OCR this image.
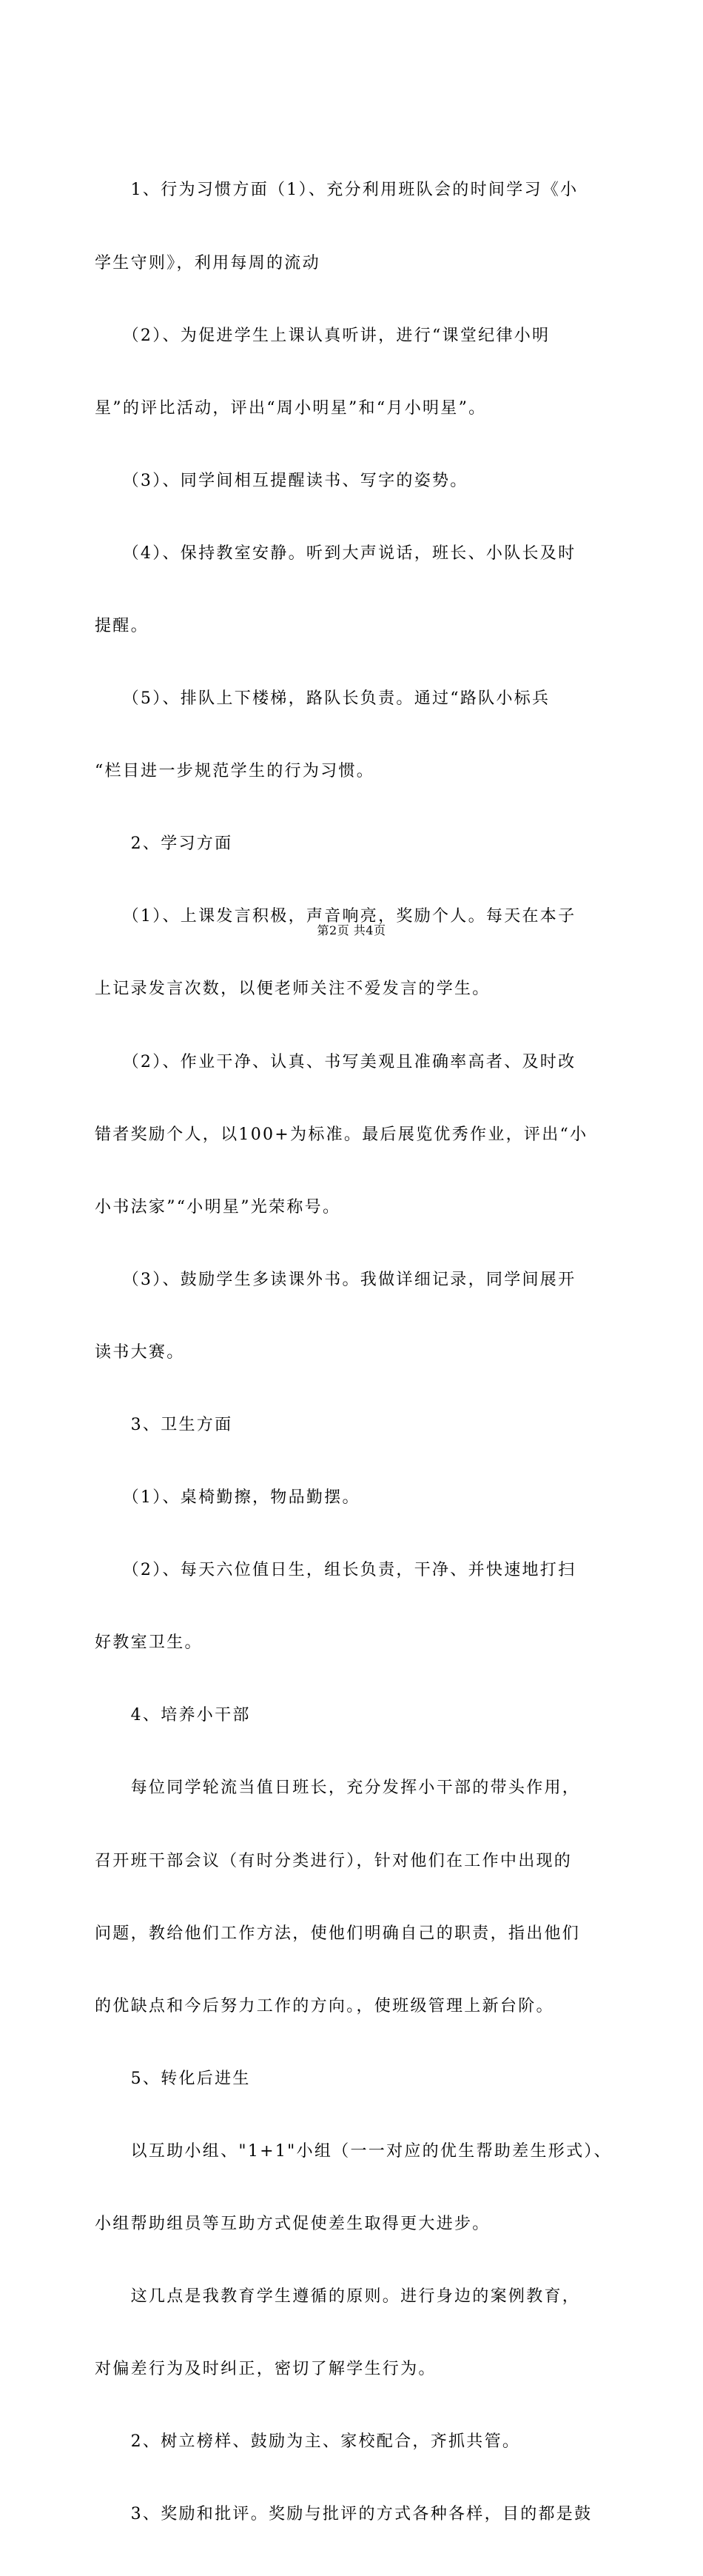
　　1、行为习惯方面（1）、充分利用班队会的时间学习《小

学生守则》，利用每周的流动

　　（2）、为促进学生上课认真听讲，进行“课堂纪律小明

星”的评比活动，评出“周小明星”和“月小明星”。

　　（3）、同学间相互提醒读书、写字的姿势。

　　（4）、保持教室安静。听到大声说话，班长、小队长及时

提醒。

　　（5）、排队上下楼梯，路队长负责。通过“路队小标兵

“栏目进一步规范学生的行为习惯。

　　2、学习方面

　　（1）、上课发言积极，声音响亮，奖励个人。每天在本子

上记录发言次数，以便老师关注不爱发言的学生。

　　（2）、作业干净、认真、书写美观且准确率高者、及时改

错者奖励个人，以100+为标准。最后展览优秀作业，评出“小

小书法家”“小明星”光荣称号。

　　（3）、鼓励学生多读课外书。我做详细记录，同学间展开

读书大赛。

　　3、卫生方面

　　（1）、桌椅勤擦，物品勤摆。

　　（2）、每天六位值日生，组长负责，干净、并快速地打扫

好教室卫生。

　　4、培养小干部

　　每位同学轮流当值日班长，充分发挥小干部的带头作用，

召开班干部会议（有时分类进行），针对他们在工作中出现的

问题，教给他们工作方法，使他们明确自己的职责，指出他们

的优缺点和今后努力工作的方向。，使班级管理上新台阶。

　　5、转化后进生

　　以互助小组、"1+1"小组（一一对应的优生帮助差生形式）、

小组帮助组员等互助方式促使差生取得更大进步。

　　这几点是我教育学生遵循的原则。进行身边的案例教育，

对偏差行为及时纠正，密切了解学生行为。

　　2、树立榜样、鼓励为主、家校配合，齐抓共管。

　　3、奖励和批评。奖励与批评的方式各种各样，目的都是鼓

第2页 共4页
